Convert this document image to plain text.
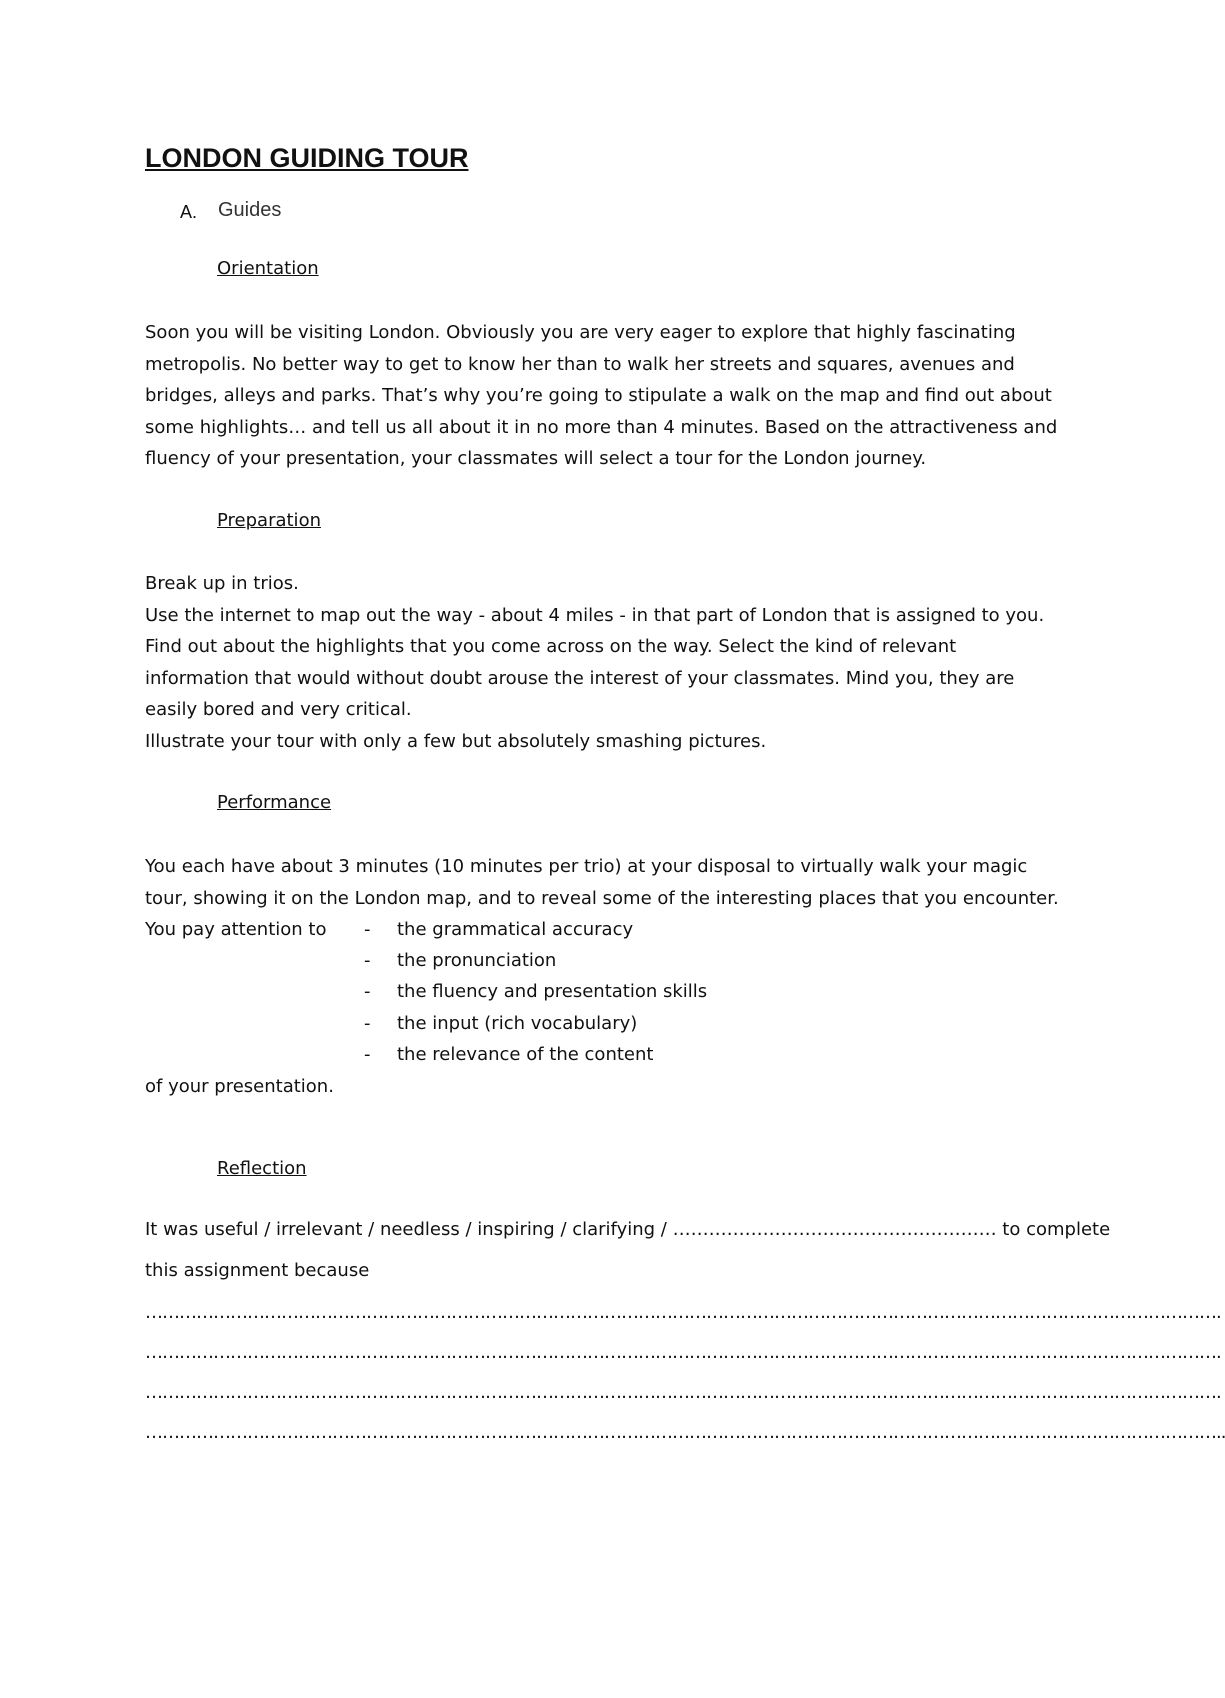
LONDON GUIDING TOUR
A. Guides
Orientation

Soon you will be visiting London. Obviously you are very eager to explore that highly fascinating

metropolis. No better way to get to know her than to walk her streets and squares, avenues and

bridges, alleys and parks. That’s why you’re going to stipulate a walk on the map and find out about

some highlights… and tell us all about it in no more than 4 minutes. Based on the attractiveness and

fluency of your presentation, your classmates will select a tour for the London journey.

Preparation

Break up in trios.

Use the internet to map out the way - about 4 miles - in that part of London that is assigned to you.

Find out about the highlights that you come across on the way. Select the kind of relevant

information that would without doubt arouse the interest of your classmates. Mind you, they are

easily bored and very critical.

Illustrate your tour with only a few but absolutely smashing pictures.

Performance

You each have about 3 minutes (10 minutes per trio) at your disposal to virtually walk your magic

tour, showing it on the London map, and to reveal some of the interesting places that you encounter.

You pay attention to - the grammatical accuracy
- the pronunciation
- the fluency and presentation skills
- the input (rich vocabulary)
- the relevance of the content
of your presentation.
Reflection
It was useful / irrelevant / needless / inspiring / clarifying / ……………………………………………… to complete
this assignment because
……………………………………………………………………………………………………………………………………………………………………….
……………………………………………………………………………………………………………………………………………………………………….
……………………………………………………………………………………………………………………………………………………………………….
………………………………………………………………………………………………………………………………………………………………………..
